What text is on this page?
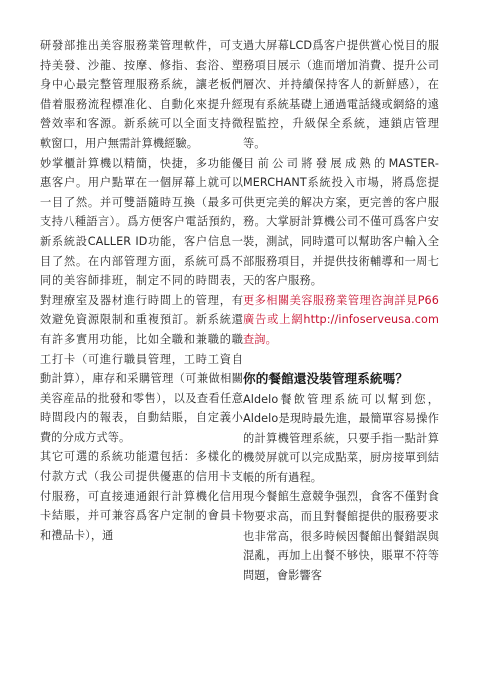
研發部推出美容服務業管理軟件，可支持美發、沙龍、按摩、修指、套浴、塑身中心最完整管理服務系統，讓老板們借着服務流程標准化、自動化來提升經營效率和客源。新系統可以全面支持微軟窗口，用户無需計算機經驗。

妙掌櫃計算機以精簡，快捷，多功能優惠客户。用户點單在一個屏幕上就可以一目了然。并可雙語隨時互換（最多可支持八種語言）。爲方便客户電話預約，新系統設CALLER ID功能，客户信息一目了然。在内部管理方面，系統可爲不同的美容師排班，制定不同的時間表，對理療室及器材進行時間上的管理，有效避免資源限制和重複預訂。新系統還有許多實用功能，比如全職和兼職的職工打卡（可進行職員管理，工時工資自動計算），庫存和采購管理（可兼做相關美容産品的批發和零售），以及查看任意時間段内的報表，自動結賬，自定義小費的分成方式等。

其它可選的系統功能還包括：多樣化的付款方式（我公司提供優惠的信用卡支付服務，可直接連通銀行計算機化信用卡結賬，并可兼容爲客户定制的會員卡和禮品卡），通

過大屏幕LCD爲客户提供賞心悦目的服務項目展示（進而增加消費、提升公司層次、并持續保持客人的新鮮感），在現有系統基礎上通過電話綫或網絡的遠程監控，升級保全系統，連鎖店管理等。

目前公司將發展成熟的MASTER-MERCHANT系統投入市場，將爲您提供更完美的解决方案，更完善的客户服務。大掌厨計算機公司不僅可爲客户安裝，測試，同時還可以幫助客户輸入全部服務項目，并提供技術輔導和一周七天的客户服務。

更多相關美容服務業管理咨詢詳見P66廣告或上網http://infoserveusa.com查詢。

你的餐館還没裝管理系統嗎？

Aldelo餐飲管理系統可以幫到您，Aldelo是現時最先進，最簡單容易操作的計算機管理系統，只要手指一點計算機熒屏就可以完成點菜，厨房接單到結帳的所有過程。

現今餐館生意競争强烈，食客不僅對食物要求高，而且對餐館提供的服務要求也非常高，很多時候因餐館出餐錯誤與混亂，再加上出餐不够快，賬單不符等問題，會影響客
